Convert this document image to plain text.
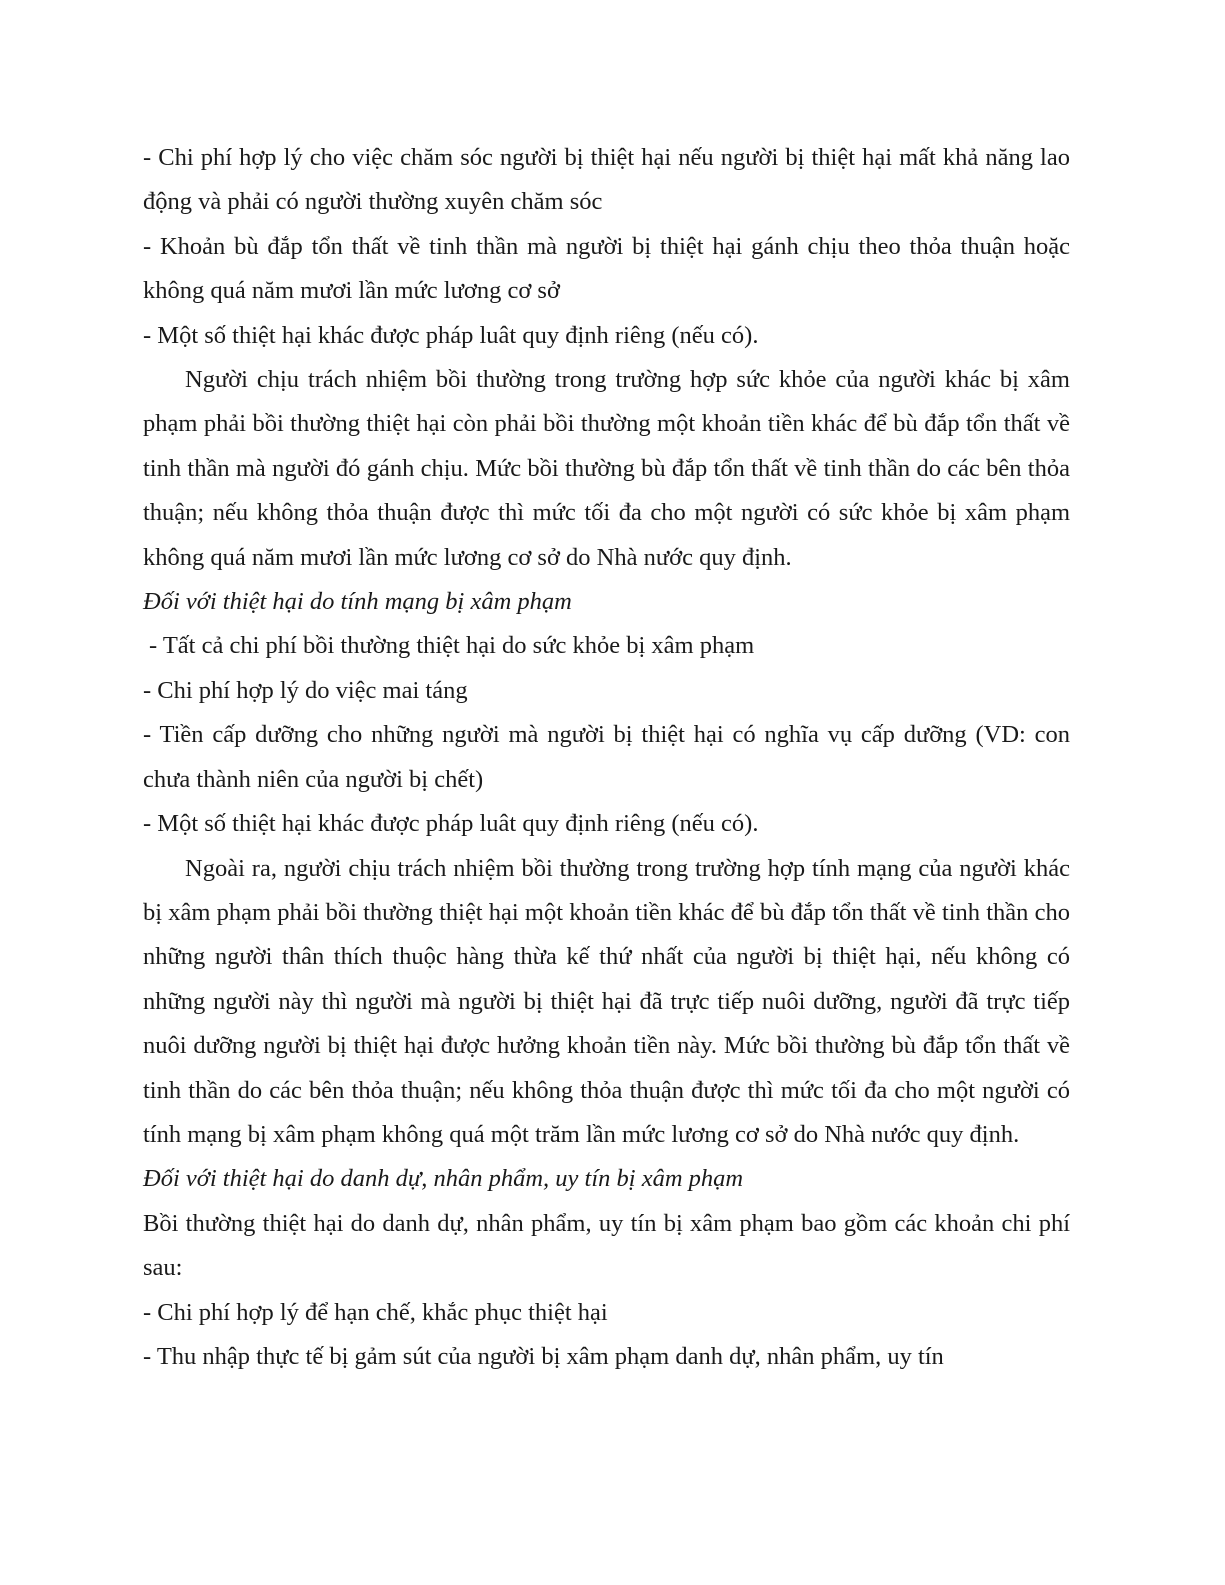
- Chi phí hợp lý cho việc chăm sóc người bị thiệt hại nếu người bị thiệt hại mất khả năng lao động và phải có người thường xuyên chăm sóc

- Khoản bù đắp tổn thất về tinh thần mà người bị thiệt hại gánh chịu theo thỏa thuận hoặc không quá năm mươi lần mức lương cơ sở

- Một số thiệt hại khác được pháp luât quy định riêng (nếu có).

Người chịu trách nhiệm bồi thường trong trường hợp sức khỏe của người khác bị xâm phạm phải bồi thường thiệt hại còn phải bồi thường một khoản tiền khác để bù đắp tổn thất về tinh thần mà người đó gánh chịu. Mức bồi thường bù đắp tổn thất về tinh thần do các bên thỏa thuận; nếu không thỏa thuận được thì mức tối đa cho một người có sức khỏe bị xâm phạm không quá năm mươi lần mức lương cơ sở do Nhà nước quy định.

Đối với thiệt hại do tính mạng bị xâm phạm

- Tất cả chi phí bồi thường thiệt hại do sức khỏe bị xâm phạm

- Chi phí hợp lý do việc mai táng

- Tiền cấp dưỡng cho những người mà người bị thiệt hại có nghĩa vụ cấp dưỡng (VD: con chưa thành niên của người bị chết)

- Một số thiệt hại khác được pháp luât quy định riêng (nếu có).

Ngoài ra, người chịu trách nhiệm bồi thường trong trường hợp tính mạng của người khác bị xâm phạm phải bồi thường thiệt hại một khoản tiền khác để bù đắp tổn thất về tinh thần cho những người thân thích thuộc hàng thừa kế thứ nhất của người bị thiệt hại, nếu không có những người này thì người mà người bị thiệt hại đã trực tiếp nuôi dưỡng, người đã trực tiếp nuôi dưỡng người bị thiệt hại được hưởng khoản tiền này. Mức bồi thường bù đắp tổn thất về tinh thần do các bên thỏa thuận; nếu không thỏa thuận được thì mức tối đa cho một người có tính mạng bị xâm phạm không quá một trăm lần mức lương cơ sở do Nhà nước quy định.

Đối với thiệt hại do danh dự, nhân phẩm, uy tín bị xâm phạm

Bồi thường thiệt hại do danh dự, nhân phẩm, uy tín bị xâm phạm bao gồm các khoản chi phí sau:

- Chi phí hợp lý để hạn chế, khắc phục thiệt hại

- Thu nhập thực tế bị gảm sút của người bị xâm phạm danh dự, nhân phẩm, uy tín
